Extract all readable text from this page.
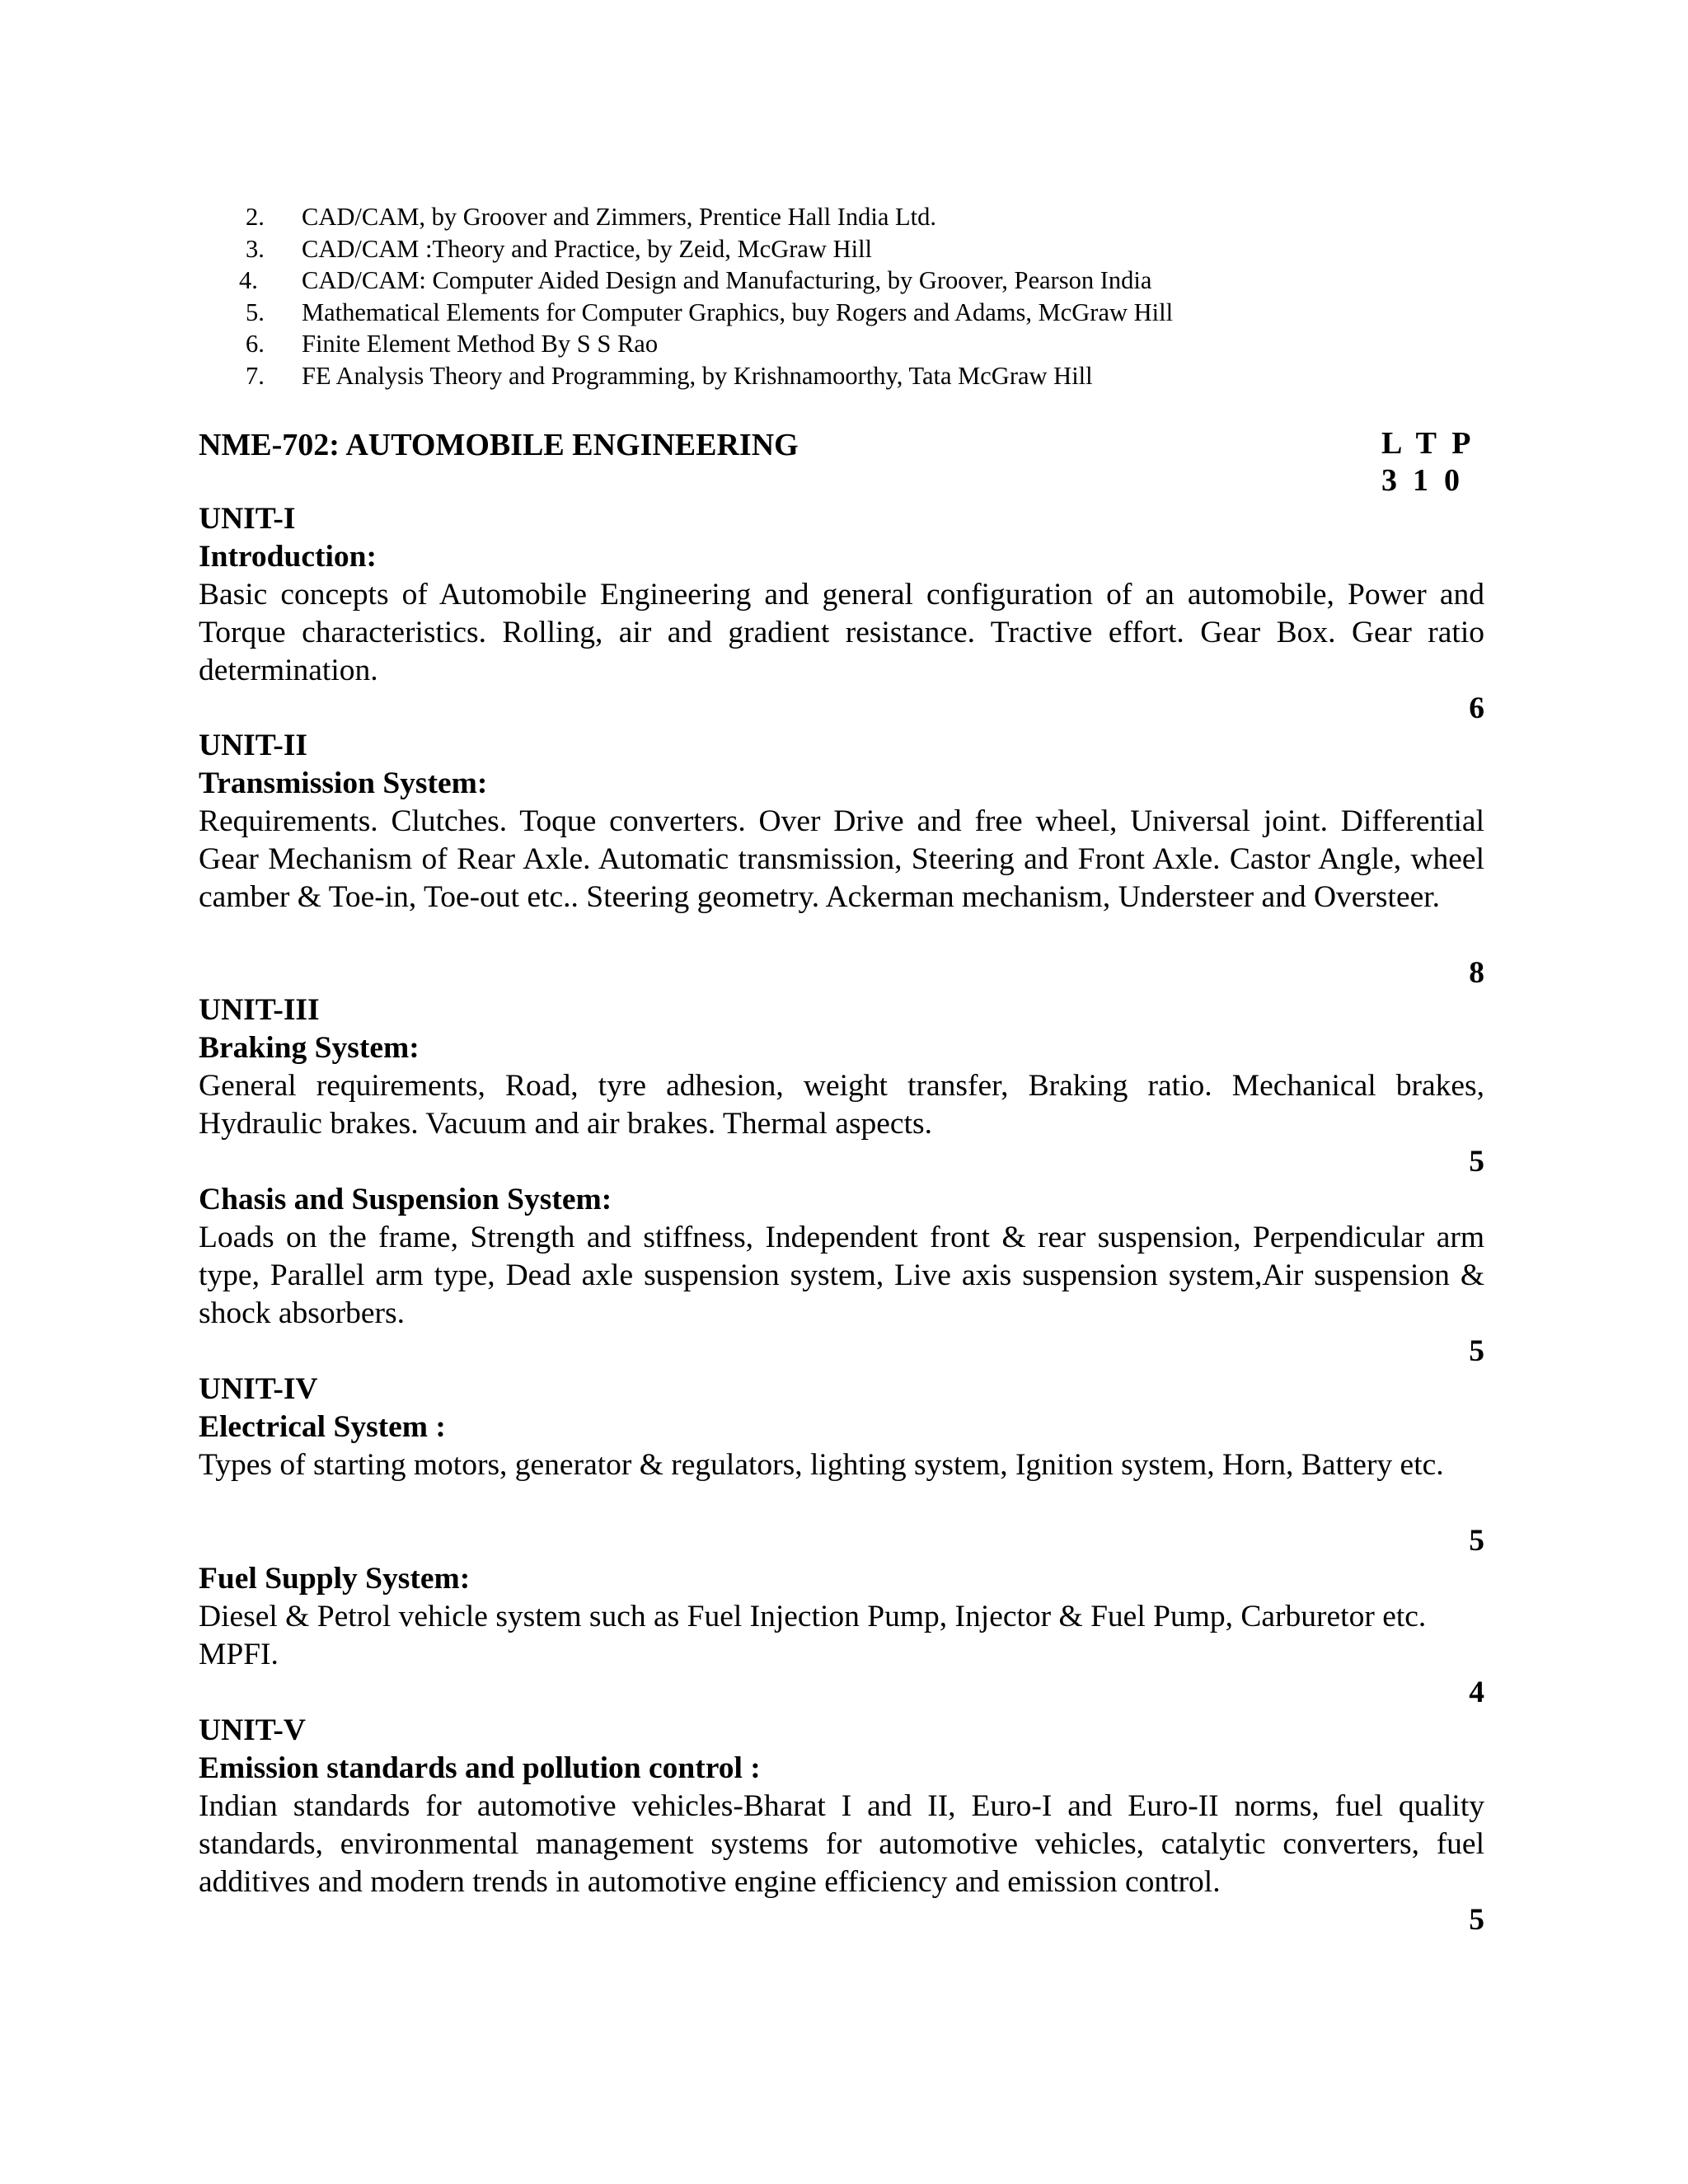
2. CAD/CAM, by Groover and Zimmers, Prentice Hall India Ltd.
3. CAD/CAM :Theory and Practice, by Zeid, McGraw Hill
4. CAD/CAM: Computer Aided Design and Manufacturing, by Groover, Pearson India
5. Mathematical Elements for Computer Graphics, buy Rogers and Adams, McGraw Hill
6. Finite Element Method By S S Rao
7. FE Analysis Theory and Programming, by Krishnamoorthy, Tata McGraw Hill
NME-702: AUTOMOBILE ENGINEERING	L  T  P
3  1  0
UNIT-I
Introduction:
Basic concepts of Automobile Engineering and general configuration of an automobile, Power and Torque characteristics. Rolling, air and gradient resistance. Tractive effort. Gear Box. Gear ratio determination.
6
UNIT-II
Transmission System:
Requirements. Clutches. Toque converters. Over Drive and free wheel, Universal joint. Differential Gear Mechanism of Rear Axle. Automatic transmission, Steering and Front Axle. Castor Angle, wheel camber & Toe-in, Toe-out etc.. Steering geometry. Ackerman mechanism, Understeer and Oversteer.
8
UNIT-III
Braking System:
General requirements, Road, tyre adhesion, weight transfer, Braking ratio. Mechanical brakes, Hydraulic brakes. Vacuum and air brakes. Thermal aspects.
5
Chasis and Suspension System:
Loads on the frame, Strength and stiffness, Independent front & rear suspension, Perpendicular arm type, Parallel arm type, Dead axle suspension system, Live axis suspension system,Air suspension & shock absorbers.
5
UNIT-IV
Electrical System :
Types of starting motors, generator & regulators, lighting system, Ignition system, Horn, Battery etc.
5
Fuel Supply System:
Diesel & Petrol vehicle system such as Fuel Injection Pump, Injector & Fuel Pump, Carburetor etc. MPFI.
4
UNIT-V
Emission standards and pollution control :
Indian standards for automotive vehicles-Bharat I and II, Euro-I and Euro-II norms, fuel quality standards, environmental management systems for automotive vehicles, catalytic converters, fuel additives and modern trends in automotive engine efficiency and emission control.
5
